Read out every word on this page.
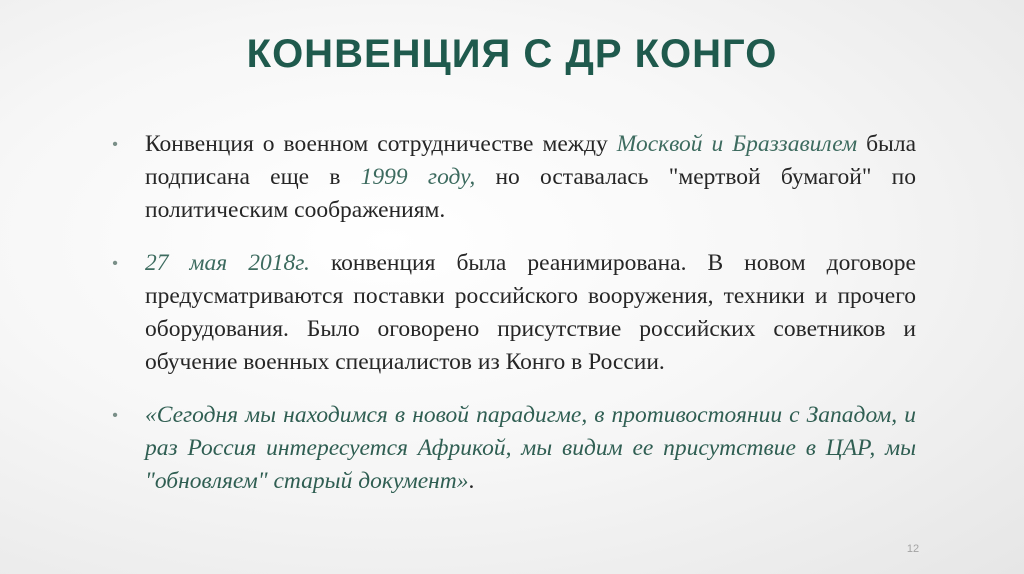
КОНВЕНЦИЯ С ДР КОНГО
•	Конвенция о военном сотрудничестве между Москвой и Браззавилем была подписана еще в 1999 году, но оставалась "мертвой бумагой" по политическим соображениям.
•	27 мая 2018г. конвенция была реанимирована. В новом договоре предусматриваются поставки российского вооружения, техники и прочего оборудования. Было оговорено присутствие российских советников и обучение военных специалистов из Конго в России.
•	«Сегодня мы находимся в новой парадигме, в противостоянии с Западом, и раз Россия интересуется Африкой, мы видим ее присутствие в ЦАР, мы "обновляем" старый документ».
12
